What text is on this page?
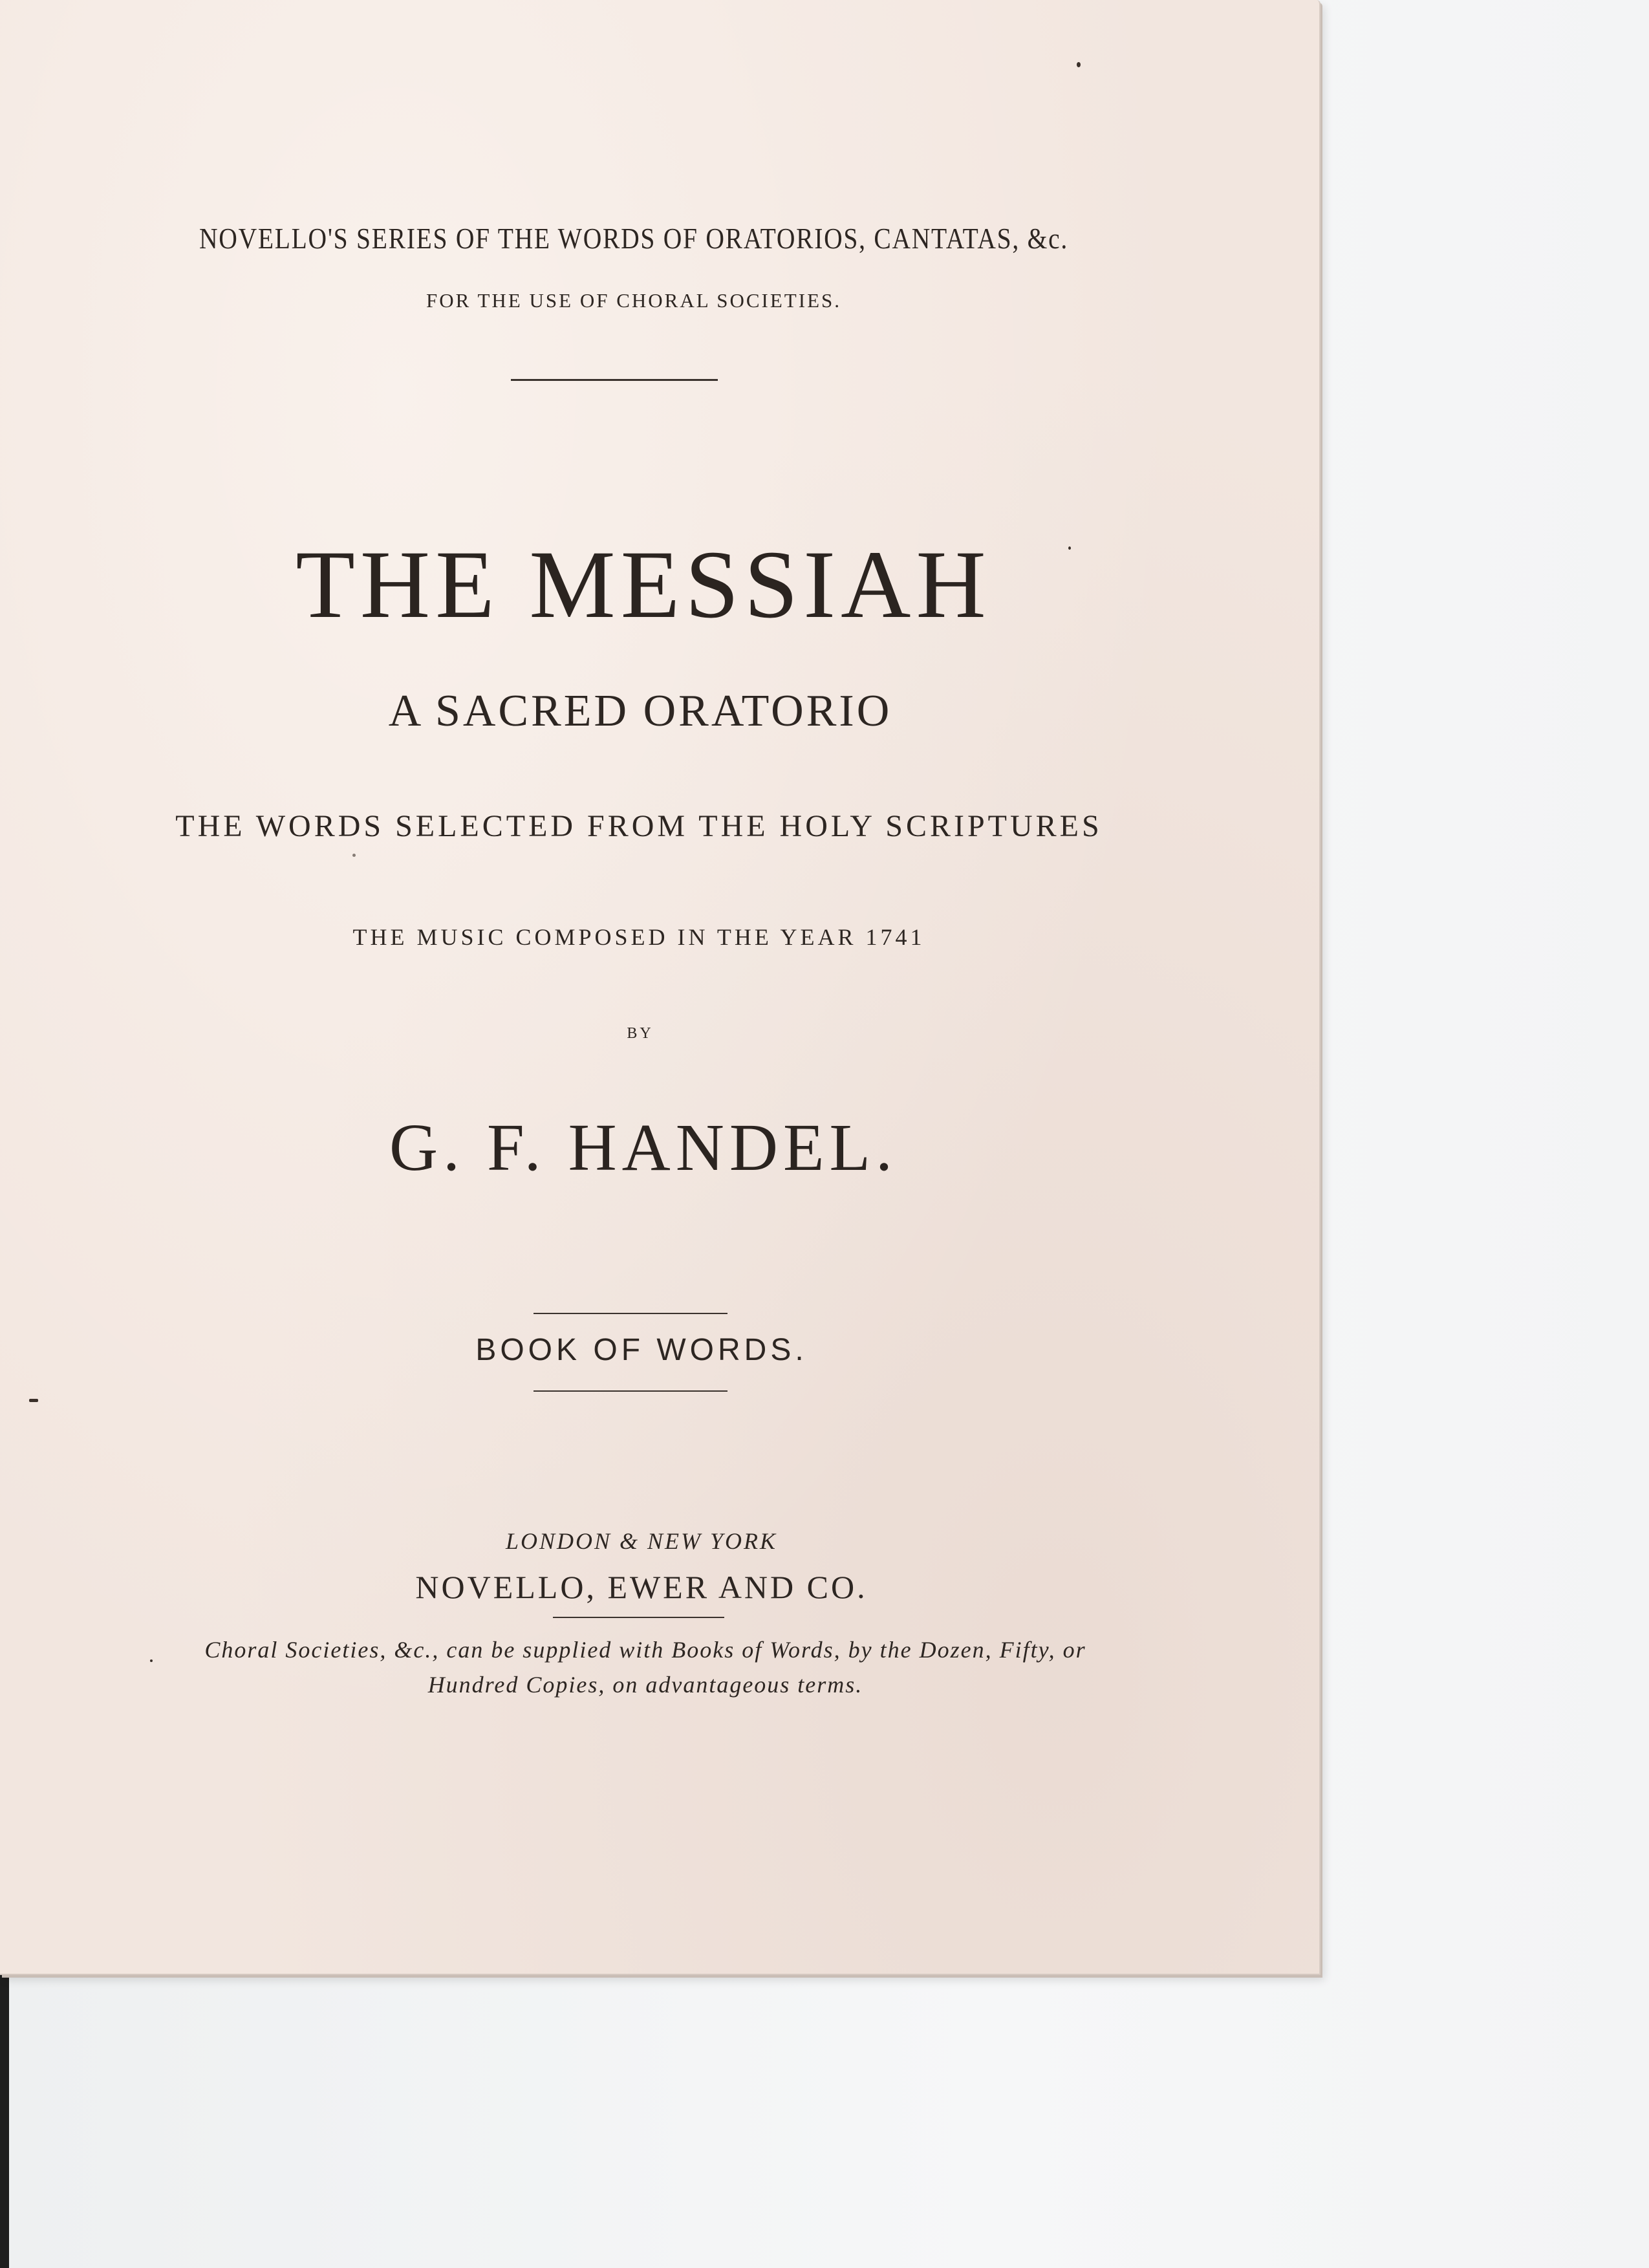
NOVELLO'S SERIES OF THE WORDS OF ORATORIOS, CANTATAS, &c.
FOR THE USE OF CHORAL SOCIETIES.
THE MESSIAH
A SACRED ORATORIO
THE WORDS SELECTED FROM THE HOLY SCRIPTURES
THE MUSIC COMPOSED IN THE YEAR 1741
BY
G. F. HANDEL.
BOOK OF WORDS.
LONDON & NEW YORK
NOVELLO, EWER AND CO.
Choral Societies, &c., can be supplied with Books of Words, by the Dozen, Fifty, or
Hundred Copies, on advantageous terms.
